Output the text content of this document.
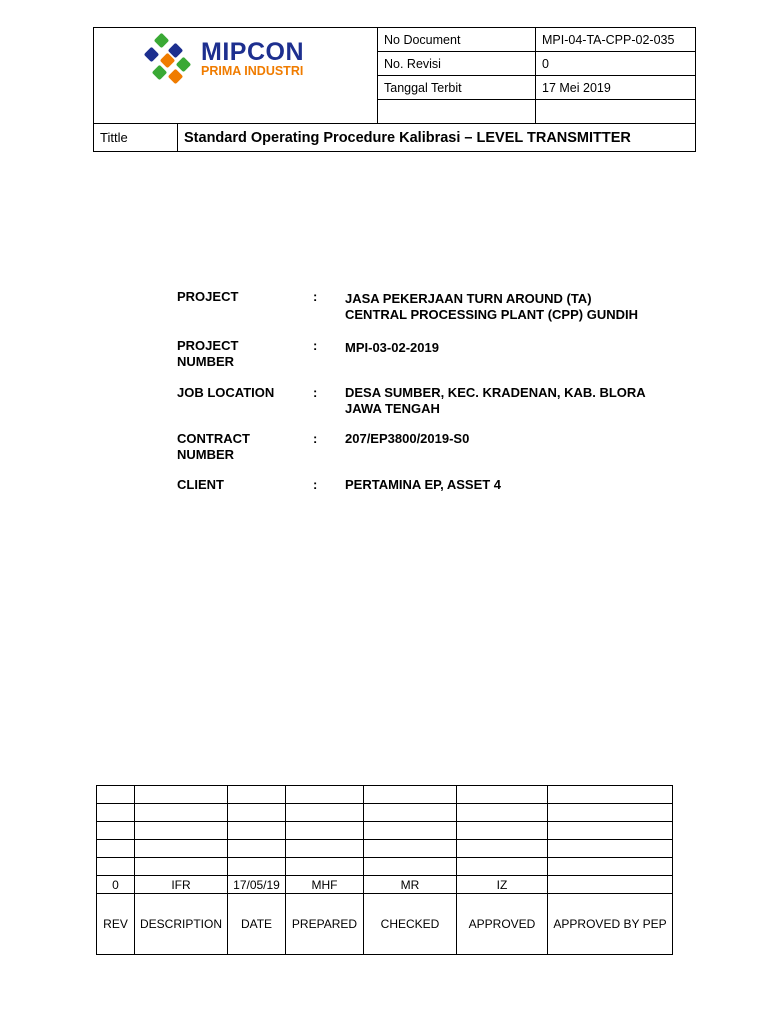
MIPCON
PRIMA INDUSTRI		No Document	MPI-04-TA-CPP-02-035
		No. Revisi	0
		Tanggal Terbit	17 Mei 2019

Tittle	Standard Operating Procedure Kalibrasi – LEVEL TRANSMITTER		
PROJECT	: JASA PEKERJAAN TURN AROUND (TA)
CENTRAL PROCESSING PLANT (CPP) GUNDIH
PROJECT NUMBER
: MPI-03-02-2019
JOB LOCATION	: DESA SUMBER, KEC. KRADENAN, KAB. BLORA
JAWA TENGAH
CONTRACT NUMBER
: 207/EP3800/2019-S0
CLIENT	: PERTAMINA EP, ASSET 4

0	IFR	17/05/19	MHF	MR	IZ	
REV	DESCRIPTION	DATE	PREPARED	CHECKED	APPROVED	APPROVED BY PEP
